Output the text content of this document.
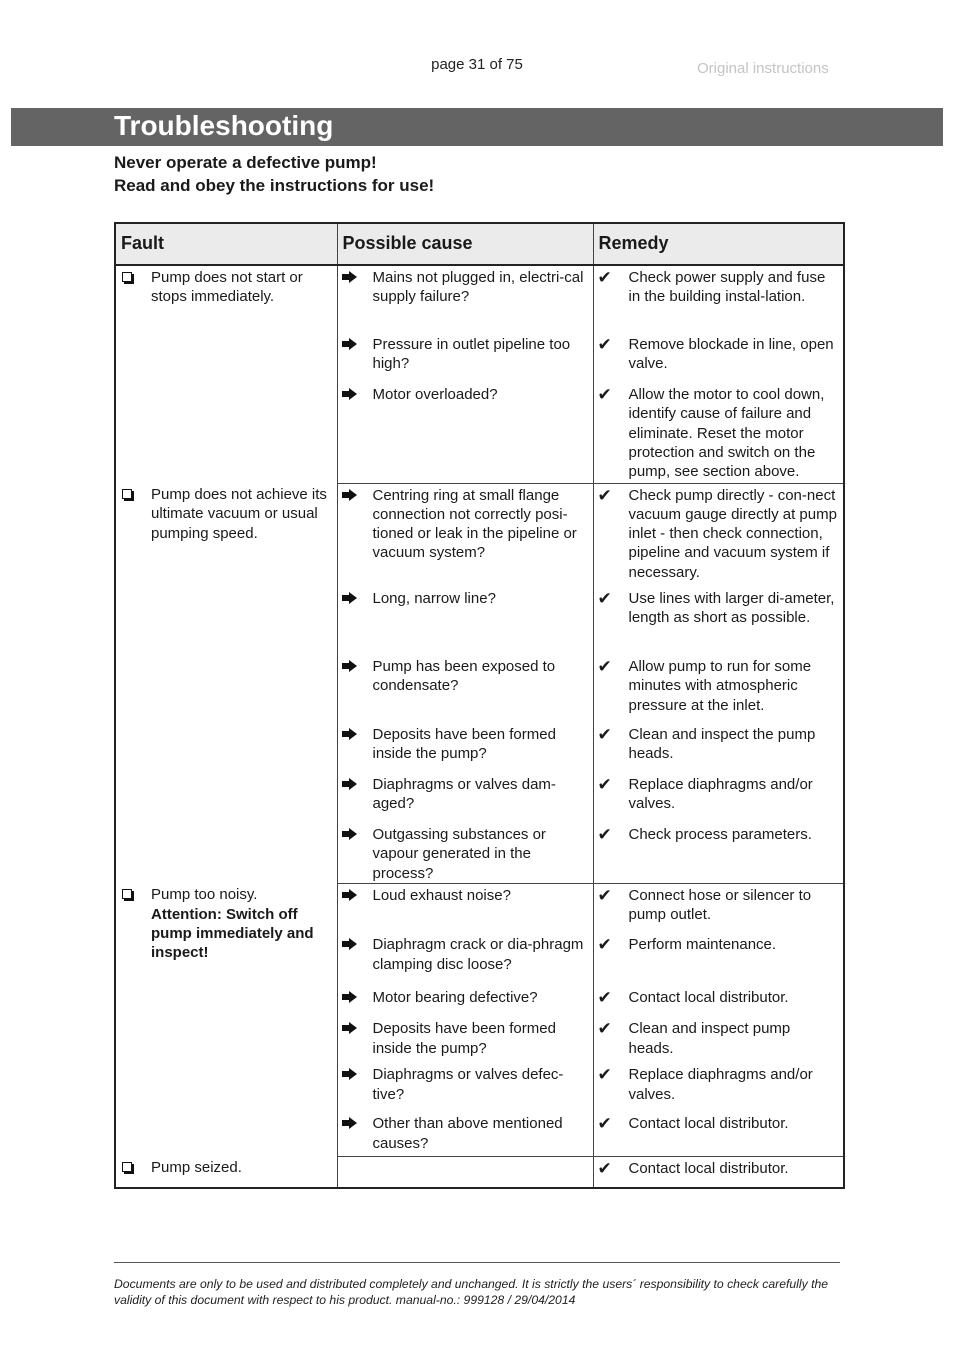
page 31 of 75	Original instructions
Troubleshooting
Never operate a defective pump!
Read and obey the instructions for use!
Fault	Possible cause	Remedy

Pump does not start or stops immediately.	Mains not plugged in, electri-cal supply failure?	✔ Check power supply and fuse in the building instal-lation.

	Pressure in outlet pipeline too high?	✔ Remove blockade in line, open valve.

	Motor overloaded?	✔ Allow the motor to cool down, identify cause of failure and eliminate. Reset the motor protection and switch on the pump, see section above.

Pump does not achieve its ultimate vacuum or usual pumping speed.	Centring ring at small flange connection not correctly posi-tioned or leak in the pipeline or vacuum system?	✔ Check pump directly - con-nect vacuum gauge directly at pump inlet - then check connection, pipeline and vacuum system if necessary.

	Long, narrow line?	✔ Use lines with larger di-ameter, length as short as possible.

	Pump has been exposed to condensate?	✔ Allow pump to run for some minutes with atmospheric pressure at the inlet.

	Deposits have been formed inside the pump?	✔ Clean and inspect the pump heads.

	Diaphragms or valves dam-aged?	✔ Replace diaphragms and/or valves.

	Outgassing substances or vapour generated in the process?	✔ Check process parameters.

Pump too noisy.
Attention: Switch off pump immediately and inspect!	Loud exhaust noise?	✔ Connect hose or silencer to pump outlet.

	Diaphragm crack or dia-phragm clamping disc loose?	✔ Perform maintenance.

	Motor bearing defective?	✔ Contact local distributor.

	Deposits have been formed inside the pump?	✔ Clean and inspect pump heads.

	Diaphragms or valves defec-tive?	✔ Replace diaphragms and/or valves.

	Other than above mentioned causes?	✔ Contact local distributor.

Pump seized.		✔ Contact local distributor.
Documents are only to be used and distributed completely and unchanged. It is strictly the users´ responsibility to check carefully the validity of this document with respect to his product. manual-no.: 999128 / 29/04/2014
